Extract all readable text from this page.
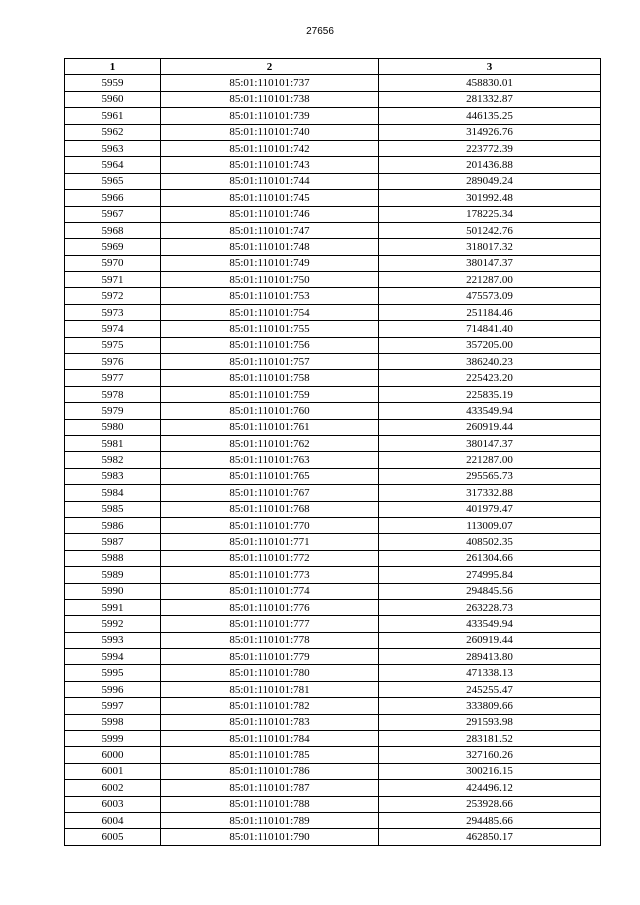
27656
1	2	3
5959	85:01:110101:737	458830.01
5960	85:01:110101:738	281332.87
5961	85:01:110101:739	446135.25
5962	85:01:110101:740	314926.76
5963	85:01:110101:742	223772.39
5964	85:01:110101:743	201436.88
5965	85:01:110101:744	289049.24
5966	85:01:110101:745	301992.48
5967	85:01:110101:746	178225.34
5968	85:01:110101:747	501242.76
5969	85:01:110101:748	318017.32
5970	85:01:110101:749	380147.37
5971	85:01:110101:750	221287.00
5972	85:01:110101:753	475573.09
5973	85:01:110101:754	251184.46
5974	85:01:110101:755	714841.40
5975	85:01:110101:756	357205.00
5976	85:01:110101:757	386240.23
5977	85:01:110101:758	225423.20
5978	85:01:110101:759	225835.19
5979	85:01:110101:760	433549.94
5980	85:01:110101:761	260919.44
5981	85:01:110101:762	380147.37
5982	85:01:110101:763	221287.00
5983	85:01:110101:765	295565.73
5984	85:01:110101:767	317332.88
5985	85:01:110101:768	401979.47
5986	85:01:110101:770	113009.07
5987	85:01:110101:771	408502.35
5988	85:01:110101:772	261304.66
5989	85:01:110101:773	274995.84
5990	85:01:110101:774	294845.56
5991	85:01:110101:776	263228.73
5992	85:01:110101:777	433549.94
5993	85:01:110101:778	260919.44
5994	85:01:110101:779	289413.80
5995	85:01:110101:780	471338.13
5996	85:01:110101:781	245255.47
5997	85:01:110101:782	333809.66
5998	85:01:110101:783	291593.98
5999	85:01:110101:784	283181.52
6000	85:01:110101:785	327160.26
6001	85:01:110101:786	300216.15
6002	85:01:110101:787	424496.12
6003	85:01:110101:788	253928.66
6004	85:01:110101:789	294485.66
6005	85:01:110101:790	462850.17
